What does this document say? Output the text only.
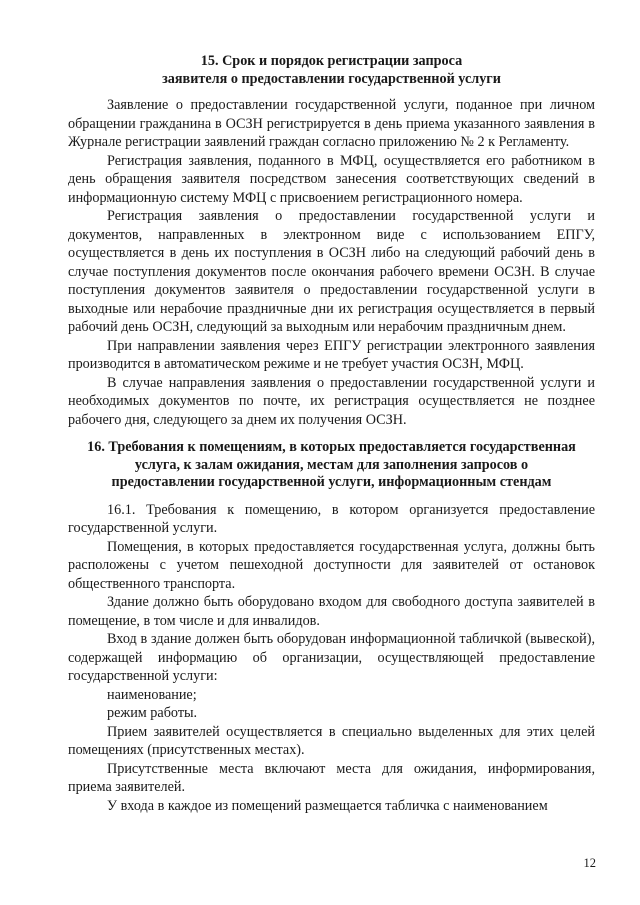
15. Срок и порядок регистрации запроса
заявителя о предоставлении государственной услуги

Заявление о предоставлении государственной услуги, поданное при личном обращении гражданина в ОСЗН регистрируется в день приема указанного заявления в Журнале регистрации заявлений граждан согласно приложению № 2 к Регламенту.

Регистрация заявления, поданного в МФЦ, осуществляется его работником в день обращения заявителя посредством занесения соответствующих сведений в информационную систему МФЦ с присвоением регистрационного номера.

Регистрация заявления о предоставлении государственной услуги и документов, направленных в электронном виде с использованием ЕПГУ, осуществляется в день их поступления в ОСЗН либо на следующий рабочий день в случае поступления документов после окончания рабочего времени ОСЗН. В случае поступления документов заявителя о предоставлении государственной услуги в выходные или нерабочие праздничные дни их регистрация осуществляется в первый рабочий день ОСЗН, следующий за выходным или нерабочим праздничным днем.

При направлении заявления через ЕПГУ регистрации электронного заявления производится в автоматическом режиме и не требует участия ОСЗН, МФЦ.

В случае направления заявления о предоставлении государственной услуги и необходимых документов по почте, их регистрация осуществляется не позднее рабочего дня, следующего за днем их получения ОСЗН.

16. Требования к помещениям, в которых предоставляется государственная
услуга, к залам ожидания, местам для заполнения запросов о
предоставлении государственной услуги, информационным стендам

16.1. Требования к помещению, в котором организуется предоставление государственной услуги.

Помещения, в которых предоставляется государственная услуга, должны быть расположены с учетом пешеходной доступности для заявителей от остановок общественного транспорта.

Здание должно быть оборудовано входом для свободного доступа заявителей в помещение, в том числе и для инвалидов.

Вход в здание должен быть оборудован информационной табличкой (вывеской), содержащей информацию об организации, осуществляющей предоставление государственной услуги:

наименование;

режим работы.

Прием заявителей осуществляется в специально выделенных для этих целей помещениях (присутственных местах).

Присутственные места включают места для ожидания, информирования, приема заявителей.

У входа в каждое из помещений размещается табличка с наименованием

12
